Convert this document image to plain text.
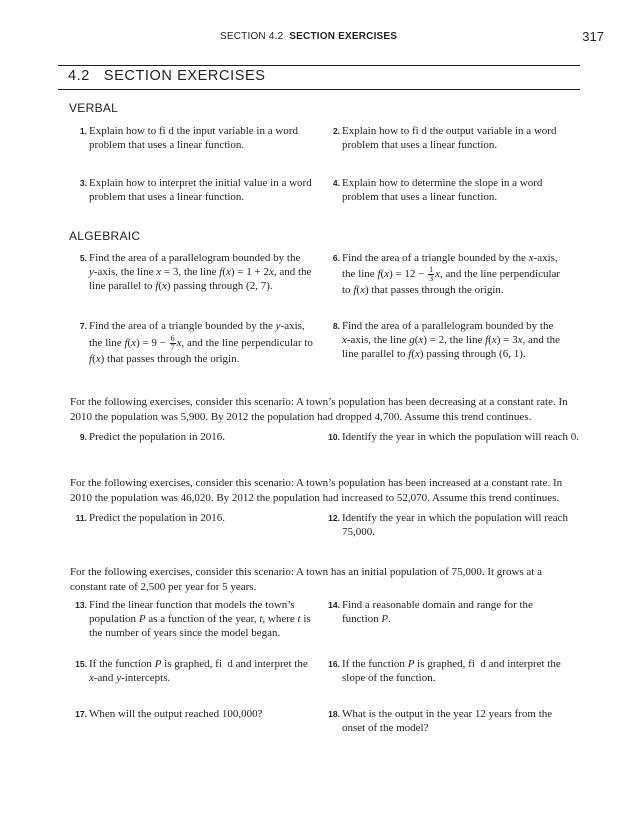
SECTION 4.2 SECTION EXERCISES	317
4.2   SECTION EXERCISES
VERBAL
1. Explain how to fi d the input variable in a word problem that uses a linear function.
2. Explain how to fi d the output variable in a word problem that uses a linear function.
3. Explain how to interpret the initial value in a word problem that uses a linear function.
4. Explain how to determine the slope in a word problem that uses a linear function.
ALGEBRAIC
5. Find the area of a parallelogram bounded by the
y-axis, the line x = 3, the line f(x) = 1 + 2x, and the
line parallel to f(x) passing through (2, 7).
6. Find the area of a triangle bounded by the x-axis,
the line $f(x) = 12 - \frac{1}{3} x$, and the line perpendicular
to f(x) that passes through the origin.
7. Find the area of a triangle bounded by the y-axis,
the line $f(x) = 9 - \frac{6}{7} x$, and the line perpendicular to
f(x) that passes through the origin.
8. Find the area of a parallelogram bounded by the
x-axis, the line g(x) = 2, the line f(x) = 3x, and the
line parallel to f(x) passing through (6, 1).
For the following exercises, consider this scenario: A town’s population has been decreasing at a constant rate. In 2010 the population was 5,900. By 2012 the population had dropped 4,700. Assume this trend continues.
9. Predict the population in 2016.	10. Identify the year in which the population will reach 0.
For the following exercises, consider this scenario: A town’s population has been increased at a constant rate. In 2010 the population was 46,020. By 2012 the population had increased to 52,070. Assume this trend continues.
11. Predict the population in 2016.	12. Identify the year in which the population will reach 75,000.
For the following exercises, consider this scenario: A town has an initial population of 75,000. It grows at a constant rate of 2,500 per year for 5 years.
13. Find the linear function that models the town’s
population P as a function of the year, t, where t is
the number of years since the model began.
14. Find a reasonable domain and range for the
function P.
15. If the function P is graphed, fi  d and interpret the
x-and y-intercepts.
16. If the function P is graphed, fi  d and interpret the
slope of the function.
17. When will the output reached 100,000?	18. What is the output in the year 12 years from the onset of the model?
